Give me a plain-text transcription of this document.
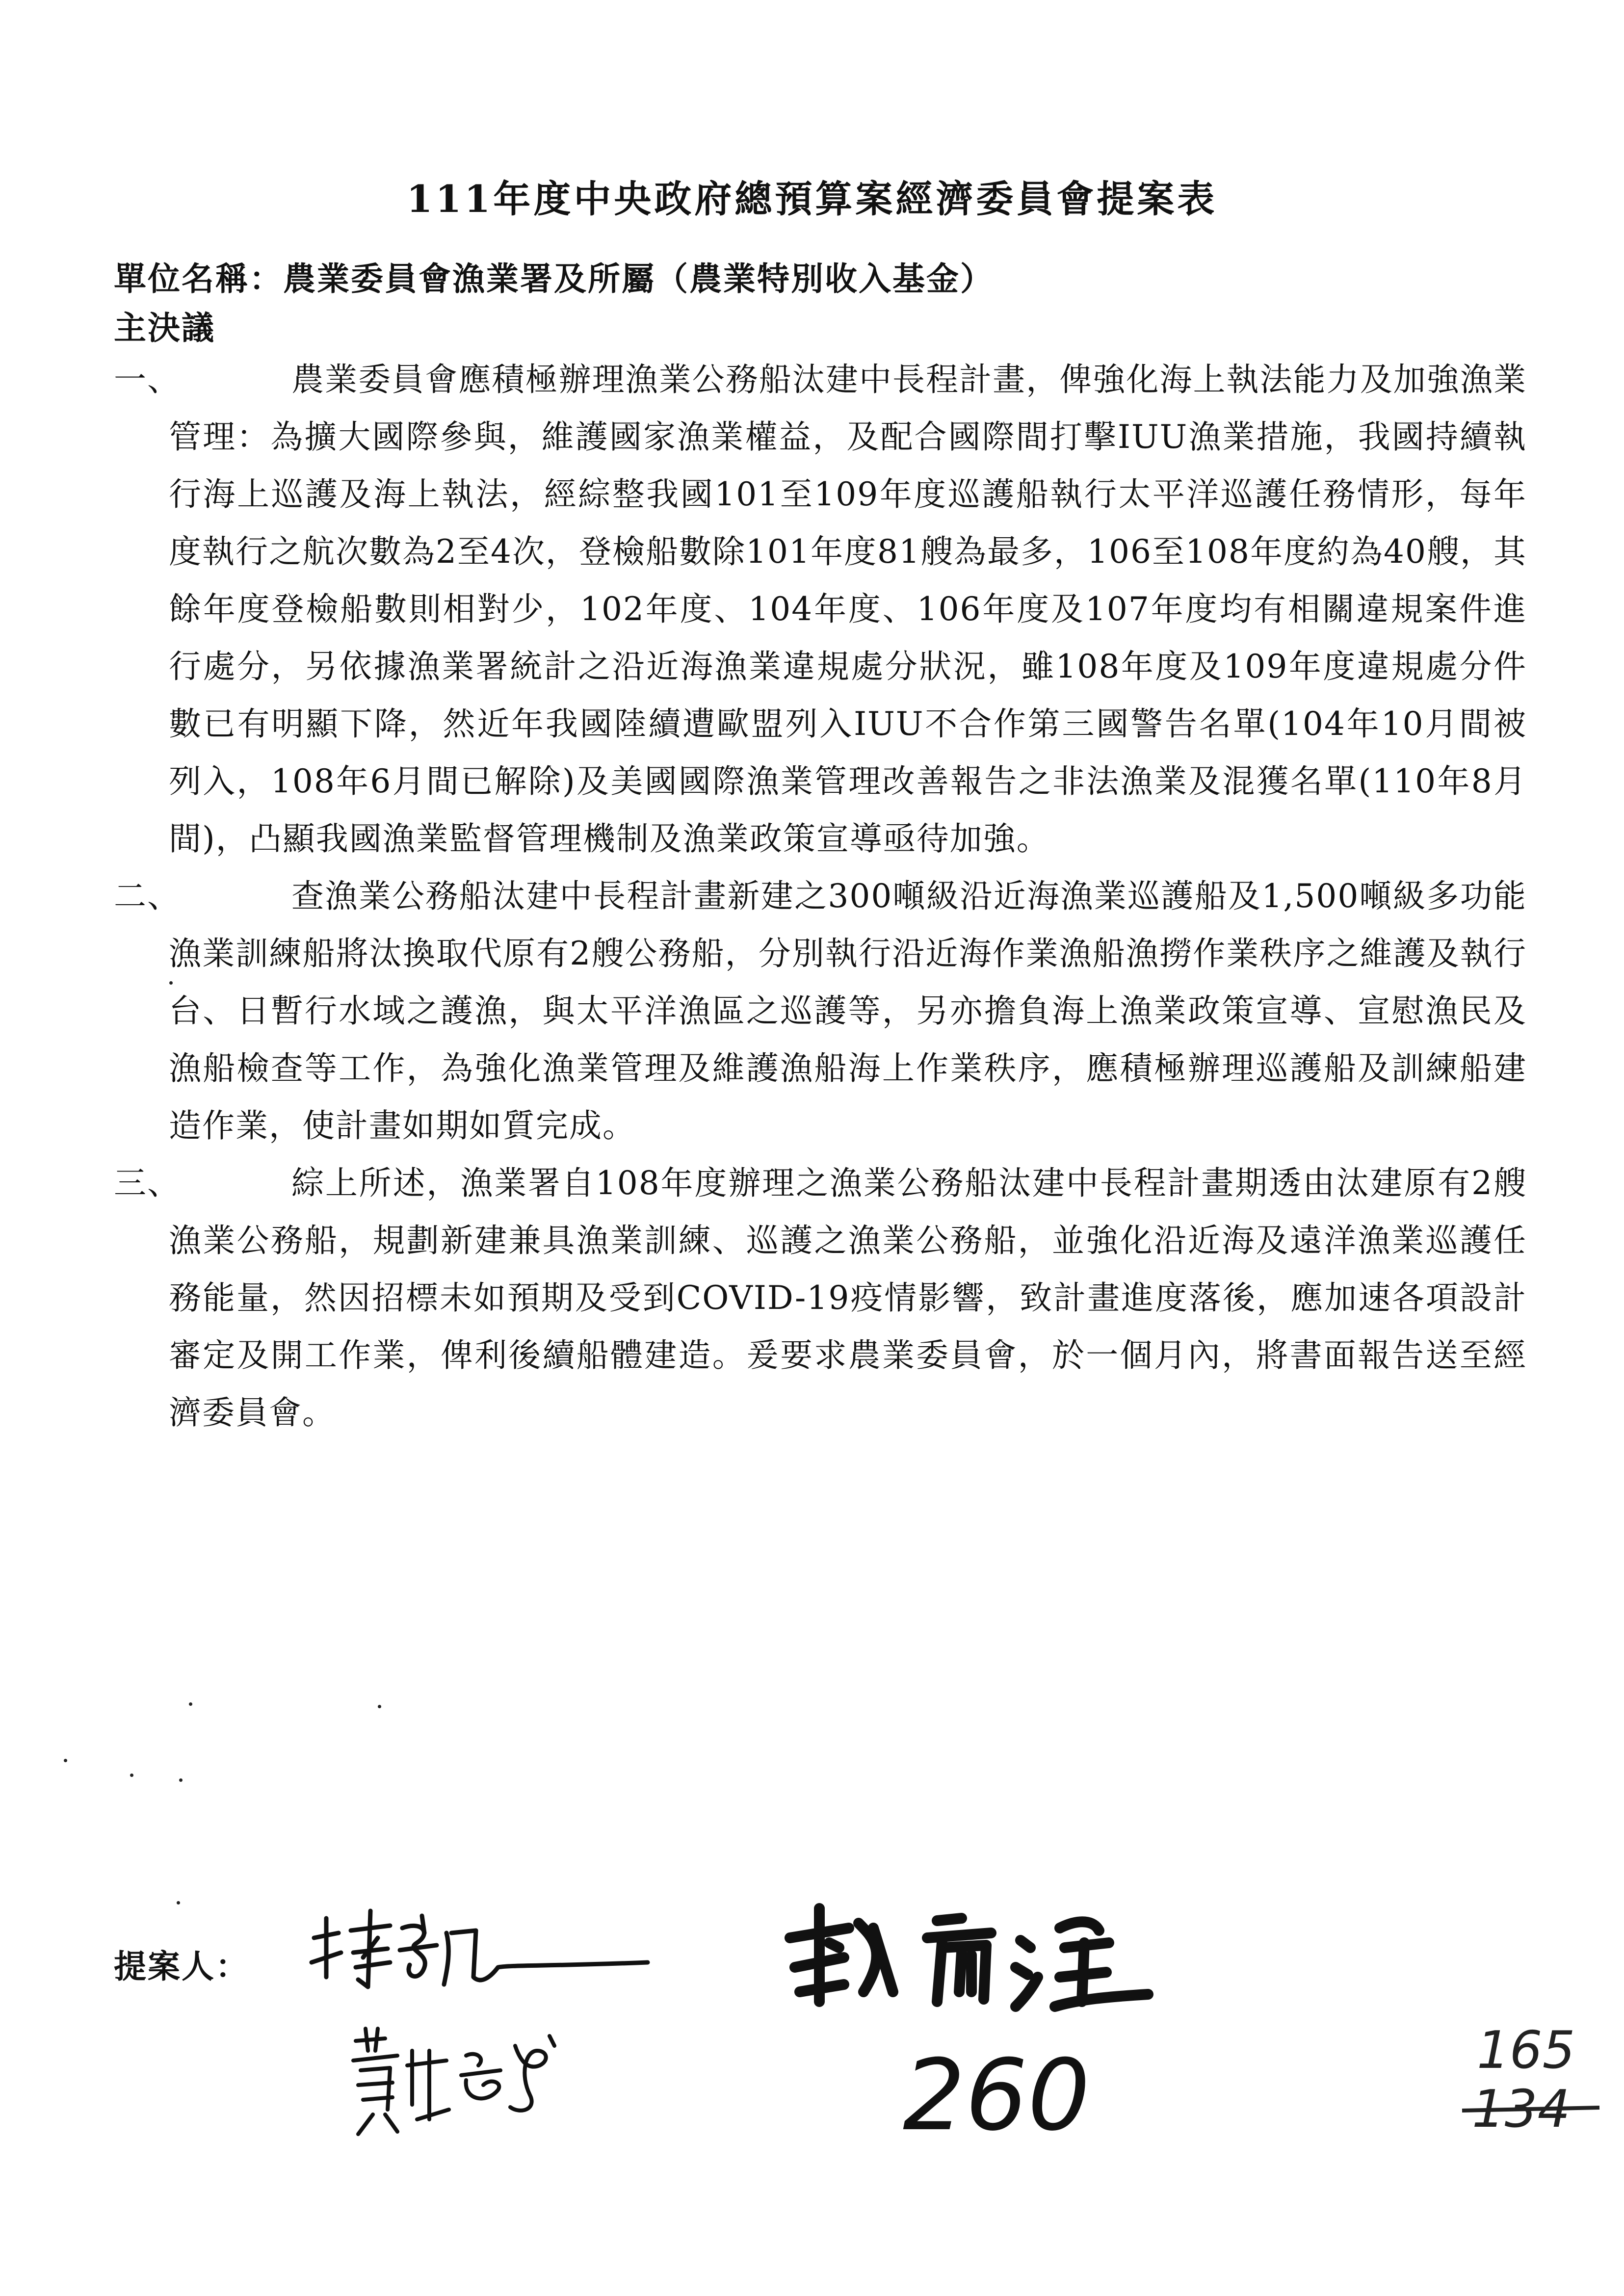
111年度中央政府總預算案經濟委員會提案表
單位名稱：農業委員會漁業署及所屬（農業特別收入基金）
主決議
一、	農業委員會應積極辦理漁業公務船汰建中長程計畫，俾強化海上執法能力及加強漁業管理：為擴大國際參與，維護國家漁業權益，及配合國際間打擊IUU漁業措施，我國持續執行海上巡護及海上執法，經綜整我國101至109年度巡護船執行太平洋巡護任務情形，每年度執行之航次數為2至4次，登檢船數除101年度81艘為最多，106至108年度約為40艘，其餘年度登檢船數則相對少，102年度、104年度、106年度及107年度均有相關違規案件進行處分，另依據漁業署統計之沿近海漁業違規處分狀況，雖108年度及109年度違規處分件數已有明顯下降，然近年我國陸續遭歐盟列入IUU不合作第三國警告名單(104年10月間被列入，108年6月間已解除)及美國國際漁業管理改善報告之非法漁業及混獲名單(110年8月間)，凸顯我國漁業監督管理機制及漁業政策宣導亟待加強。
二、	查漁業公務船汰建中長程計畫新建之300噸級沿近海漁業巡護船及1,500噸級多功能漁業訓練船將汰換取代原有2艘公務船，分別執行沿近海作業漁船漁撈作業秩序之維護及執行台、日暫行水域之護漁，與太平洋漁區之巡護等，另亦擔負海上漁業政策宣導、宣慰漁民及漁船檢查等工作，為強化漁業管理及維護漁船海上作業秩序，應積極辦理巡護船及訓練船建造作業，使計畫如期如質完成。
三、	綜上所述，漁業署自108年度辦理之漁業公務船汰建中長程計畫期透由汰建原有2艘漁業公務船，規劃新建兼具漁業訓練、巡護之漁業公務船，並強化沿近海及遠洋漁業巡護任務能量，然因招標未如預期及受到COVID-19疫情影響，致計畫進度落後，應加速各項設計審定及開工作業，俾利後續船體建造。爰要求農業委員會，於一個月內，將書面報告送至經濟委員會。
提案人：
260	165
134
